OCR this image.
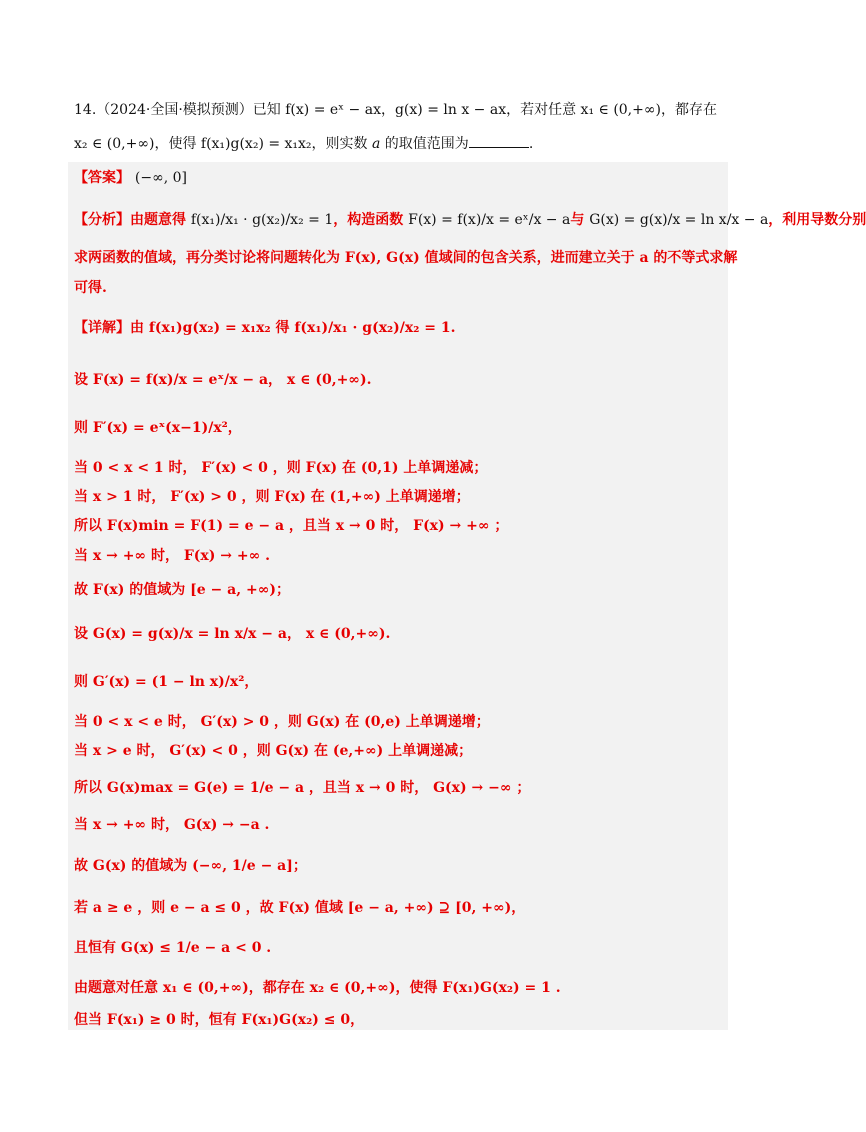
14.（2024·全国·模拟预测）已知 f(x) = eˣ − ax，g(x) = ln x − ax，若对任意 x₁ ∈ (0,+∞)，都存在
x₂ ∈ (0,+∞)，使得 f(x₁)g(x₂) = x₁x₂，则实数 a 的取值范围为	.
【答案】 (−∞, 0]
【分析】由题意得 f(x₁)/x₁ · g(x₂)/x₂ = 1，构造函数 F(x) = f(x)/x = eˣ/x − a与 G(x) = g(x)/x = ln x/x − a，利用导数分别
求两函数的值域，再分类讨论将问题转化为 F(x), G(x) 值域间的包含关系，进而建立关于 a 的不等式求解
可得.
【详解】由 f(x₁)g(x₂) = x₁x₂ 得 f(x₁)/x₁ · g(x₂)/x₂ = 1.
设 F(x) = f(x)/x = eˣ/x − a， x ∈ (0,+∞).
则 F′(x) = eˣ(x−1)/x²，
当 0 < x < 1 时， F′(x) < 0 ，则 F(x) 在 (0,1) 上单调递减；
当 x > 1 时， F′(x) > 0 ，则 F(x) 在 (1,+∞) 上单调递增；
所以 F(x)min = F(1) = e − a ，且当 x → 0 时， F(x) → +∞ ；
当 x → +∞ 时， F(x) → +∞ .
故 F(x) 的值域为 [e − a, +∞)；
设 G(x) = g(x)/x = ln x/x − a， x ∈ (0,+∞).
则 G′(x) = (1 − ln x)/x²，
当 0 < x < e 时， G′(x) > 0 ，则 G(x) 在 (0,e) 上单调递增；
当 x > e 时， G′(x) < 0 ，则 G(x) 在 (e,+∞) 上单调递减；
所以 G(x)max = G(e) = 1/e − a ，且当 x → 0 时， G(x) → −∞ ；
当 x → +∞ 时， G(x) → −a .
故 G(x) 的值域为 (−∞, 1/e − a]；
若 a ≥ e ，则 e − a ≤ 0 ，故 F(x) 值域 [e − a, +∞) ⊇ [0, +∞)，
且恒有 G(x) ≤ 1/e − a < 0 .
由题意对任意 x₁ ∈ (0,+∞)，都存在 x₂ ∈ (0,+∞)，使得 F(x₁)G(x₂) = 1 .
但当 F(x₁) ≥ 0 时，恒有 F(x₁)G(x₂) ≤ 0，
